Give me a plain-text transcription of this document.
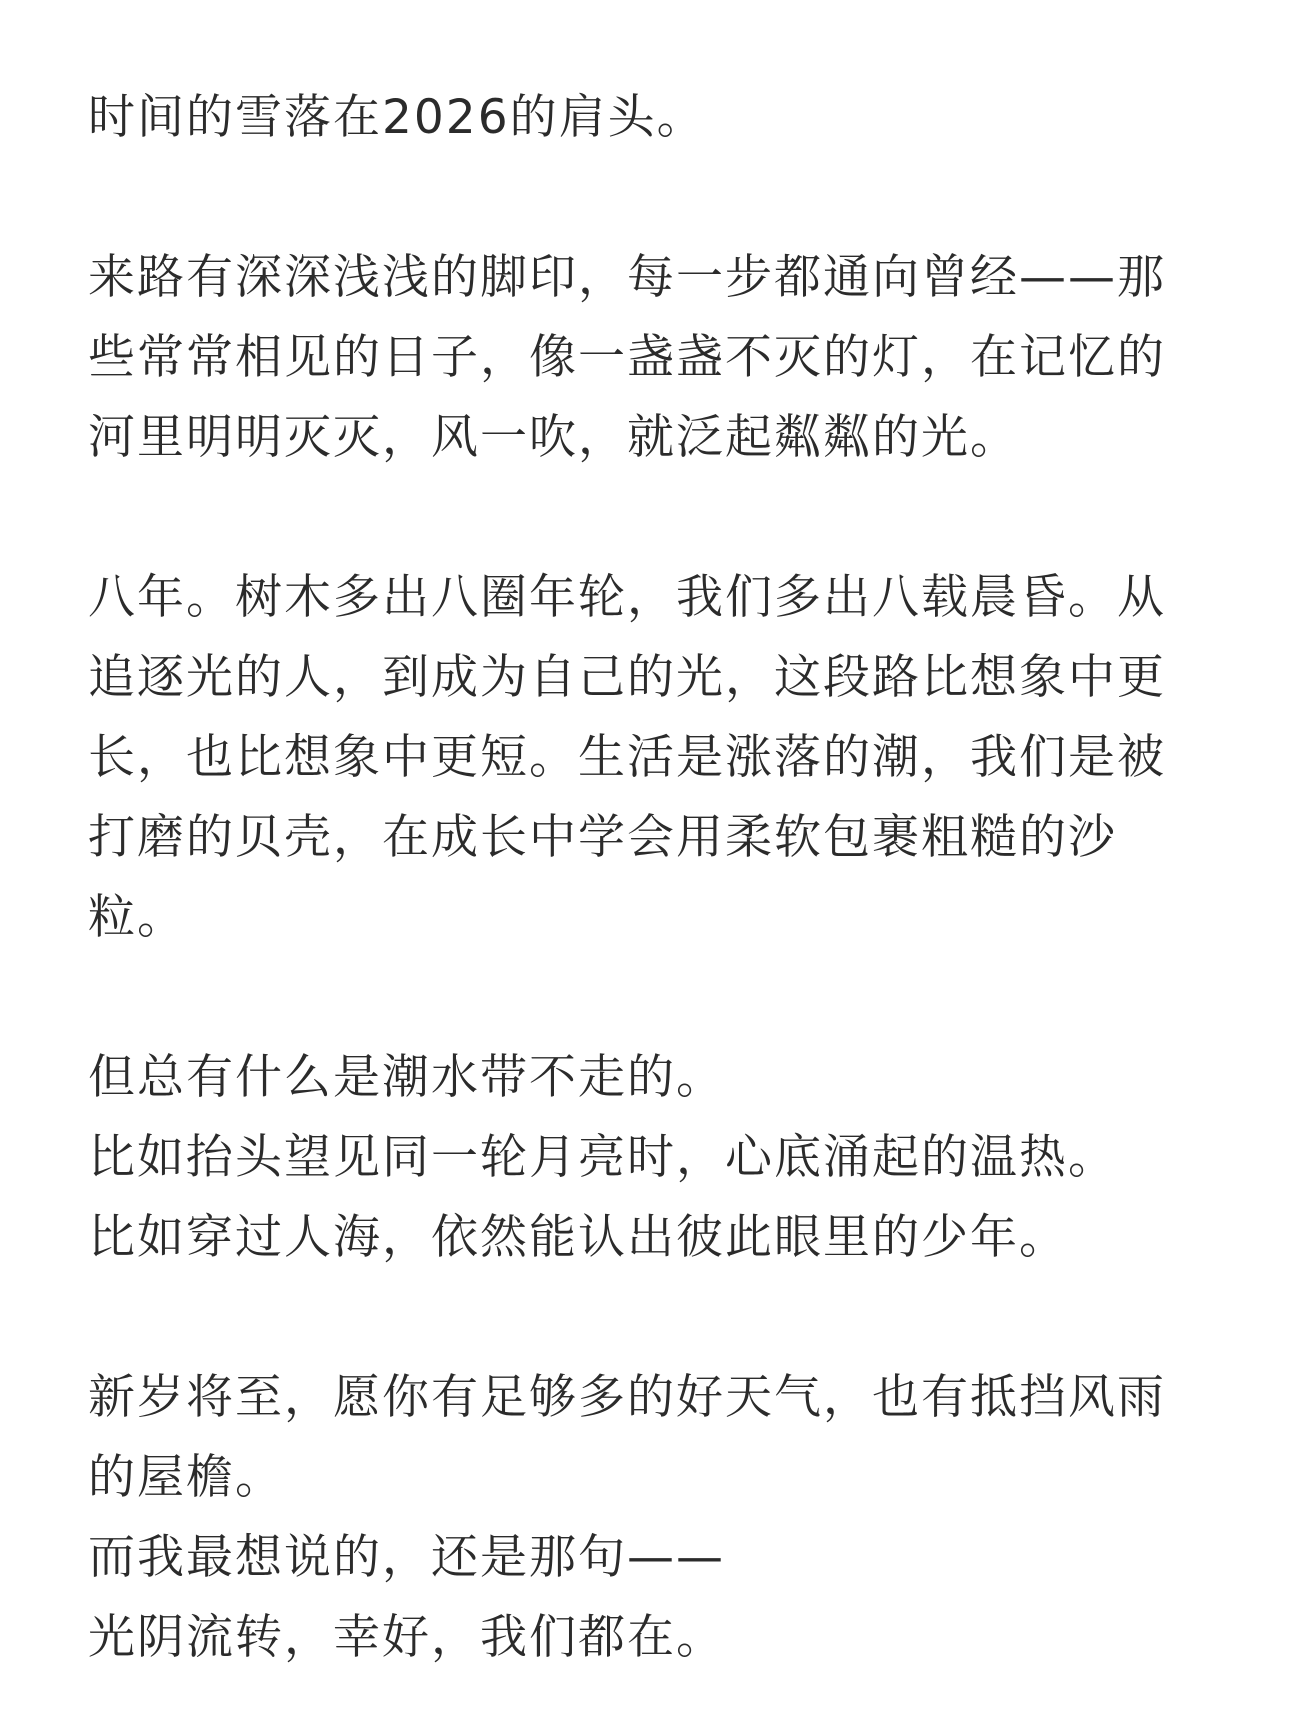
时间的雪落在2026的肩头。

来路有深深浅浅的脚印，每一步都通向曾经——那
些常常相见的日子，像一盏盏不灭的灯，在记忆的
河里明明灭灭，风一吹，就泛起粼粼的光。

八年。树木多出八圈年轮，我们多出八载晨昏。从
追逐光的人，到成为自己的光，这段路比想象中更
长，也比想象中更短。生活是涨落的潮，我们是被
打磨的贝壳，在成长中学会用柔软包裹粗糙的沙
粒。

但总有什么是潮水带不走的。
比如抬头望见同一轮月亮时，心底涌起的温热。
比如穿过人海，依然能认出彼此眼里的少年。

新岁将至，愿你有足够多的好天气，也有抵挡风雨
的屋檐。
而我最想说的，还是那句——
光阴流转，幸好，我们都在。
